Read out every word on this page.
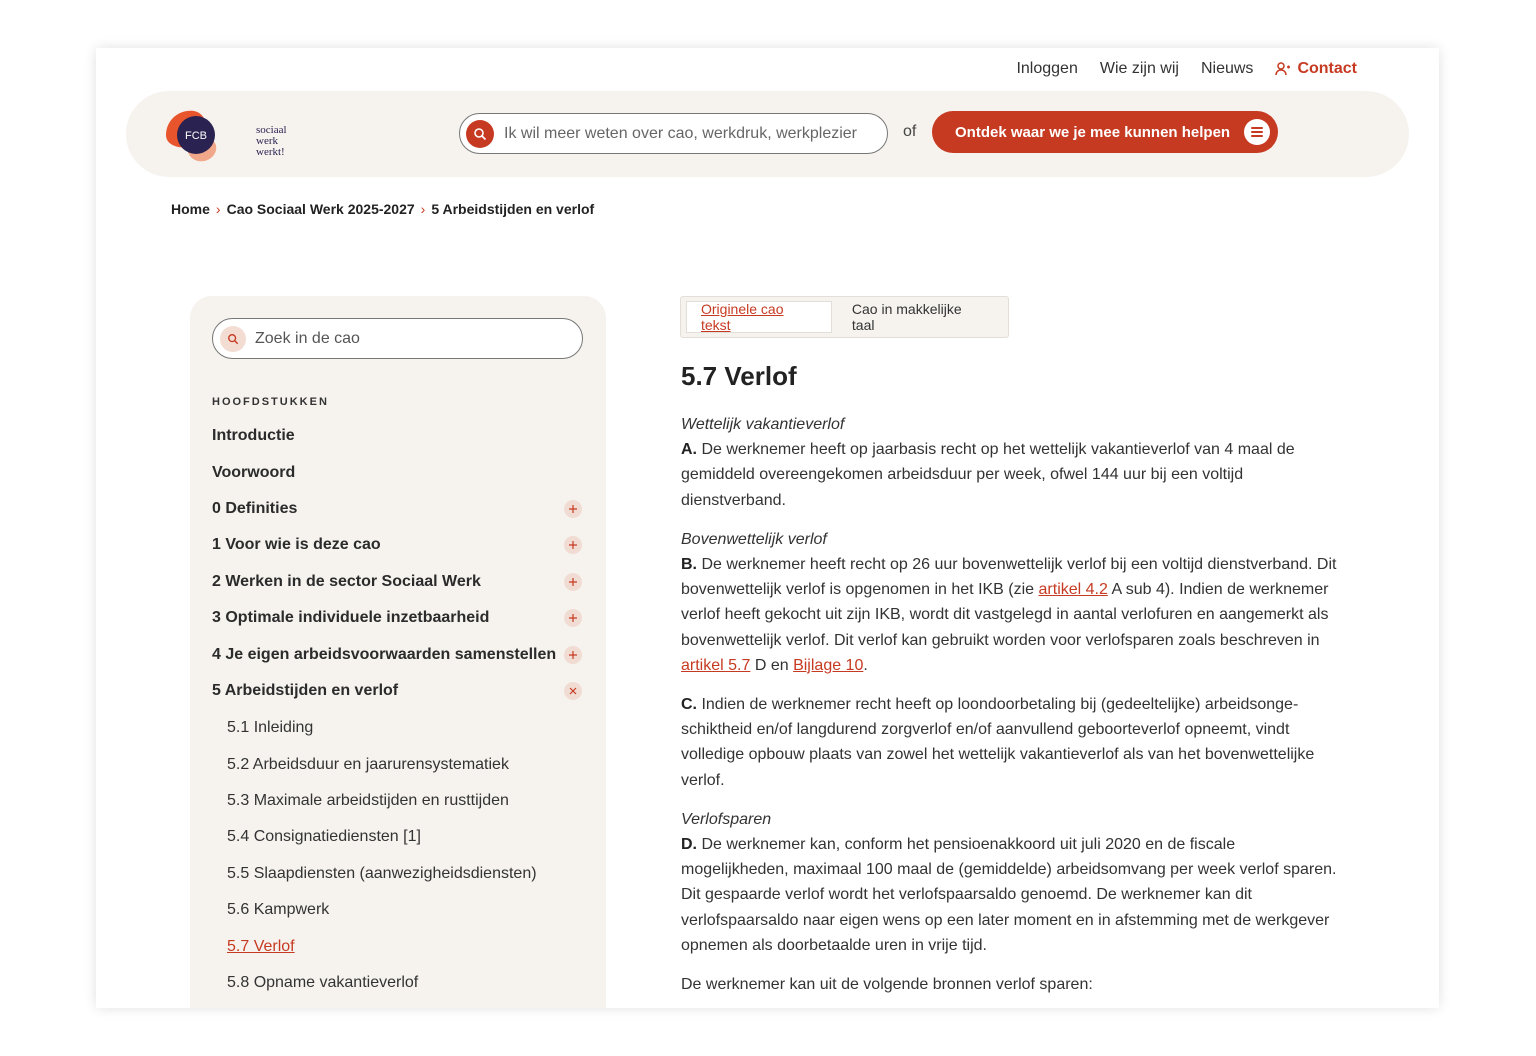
Inloggen Wie zijn wij Nieuws	Contact
FCB	sociaal
werk
werkt!
Ik wil meer weten over cao, werkdruk, werkplezier
of	Ontdek waar we je mee kunnen helpen
Home › Cao Sociaal Werk 2025-2027 › 5 Arbeidstijden en verlof
Zoek in de cao
HOOFDSTUKKEN
Introductie
Voorwoord
0 Definities
1 Voor wie is deze cao
2 Werken in de sector Sociaal Werk
3 Optimale individuele inzetbaarheid
4 Je eigen arbeidsvoorwaarden samenstellen
5 Arbeidstijden en verlof
5.1 Inleiding
5.2 Arbeidsduur en jaarurensystematiek
5.3 Maximale arbeidstijden en rusttijden
5.4 Consignatiediensten [1]
5.5 Slaapdiensten (aanwezigheidsdiensten)
5.6 Kampwerk
5.7 Verlof
5.8 Opname vakantieverlof
Originele cao tekst
Cao in makkelijke taal
5.7 Verlof
Wettelijk vakantieverlof

A. De werknemer heeft op jaarbasis recht op het wettelijk vakantieverlof van 4 maal de gemiddeld overeengekomen arbeidsduur per week, ofwel 144 uur bij een voltijd dienstverband.

Bovenwettelijk verlof

B. De werknemer heeft recht op 26 uur bovenwettelijk verlof bij een voltijd dienstverband. Dit bovenwettelijk verlof is opgenomen in het IKB (zie artikel 4.2 A sub 4). Indien de werknemer verlof heeft gekocht uit zijn IKB, wordt dit vastgelegd in aantal verlofuren en aangemerkt als bovenwettelijk verlof. Dit verlof kan gebruikt worden voor verlofsparen zoals beschreven in artikel 5.7 D en Bijlage 10.

C. Indien de werknemer recht heeft op loondoorbetaling bij (gedeeltelijke) arbeidsonge-schiktheid en/of langdurend zorgverlof en/of aanvullend geboorteverlof opneemt, vindt volledige opbouw plaats van zowel het wettelijk vakantieverlof als van het bovenwettelijke verlof.

Verlofsparen

D. De werknemer kan, conform het pensioenakkoord uit juli 2020 en de fiscale mogelijkheden, maximaal 100 maal de (gemiddelde) arbeidsomvang per week verlof sparen. Dit gespaarde verlof wordt het verlofspaarsaldo genoemd. De werknemer kan dit verlofspaarsaldo naar eigen wens op een later moment en in afstemming met de werkgever opnemen als doorbetaalde uren in vrije tijd.

De werknemer kan uit de volgende bronnen verlof sparen:
